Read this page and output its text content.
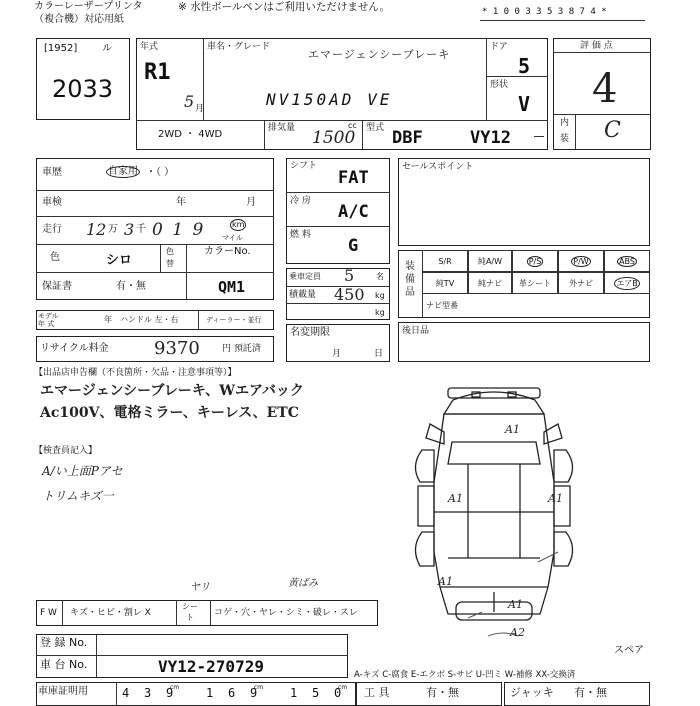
カラーレーザープリンタ
（複合機）対応用紙
※ 水性ボールペンはご利用いただけません。	* 1 0 0 3 3 5 3 8 7 4 *
[1952] ル
2033
年式
R1
5 月
車名・グレード
エマージェンシーブレーキ
NV150AD VE
ドア
5
形状
V
2WD ・ 4WD
排気量 1500
cc 型式 DBF	VY12
評 価 点
4
内
装 C
車歴	自家用 ・（ ）
車検	年	月
走行 12 万 3 千 0 1 9	km
マイル
色	シロ
色
替
カラーNo.
QM1
保証書	有・無
モデル
年 式	年 ハンドル 左・右	ディーラー・並行
リサイクル料金	9370 円 預託済
シフト
FAT
冷 房
A/C
燃 料
G
乗車定員 5	名
積載量 450 kg
kg
名変期限
月	日
セールスポイント
装 備 品
S/R	純A/W	P/S	P/W	ABS
純TV	純ナビ	革シート	外ナビ	エアB
ナビ型番
後日品
【出品店申告欄（不良箇所・欠品・注意事項等）】
エマージェンシーブレーキ、Wエアバック
Ac100V、電格ミラー、キーレス、ETC
【検査員記入】
A/い上面Pアセ
トリムキズ一
A1
A1	A1
A1
A1
A2
スペア
ヤリ	黄ばみ
F W キズ・ヒビ・割レ X
シー
ト コゲ・穴・ヤレ・シミ・破レ・スレ
登 録 No.
車 台 No.	VY12-270729	A-キズ C-腐食 E-エクボ S-サビ U-凹ミ W-補修 XX-交換済
車庫証明用	4 3 9
cm 1 6 9
cm 1 5 0
cm 工 具	有・無	ジャッキ 有・無
